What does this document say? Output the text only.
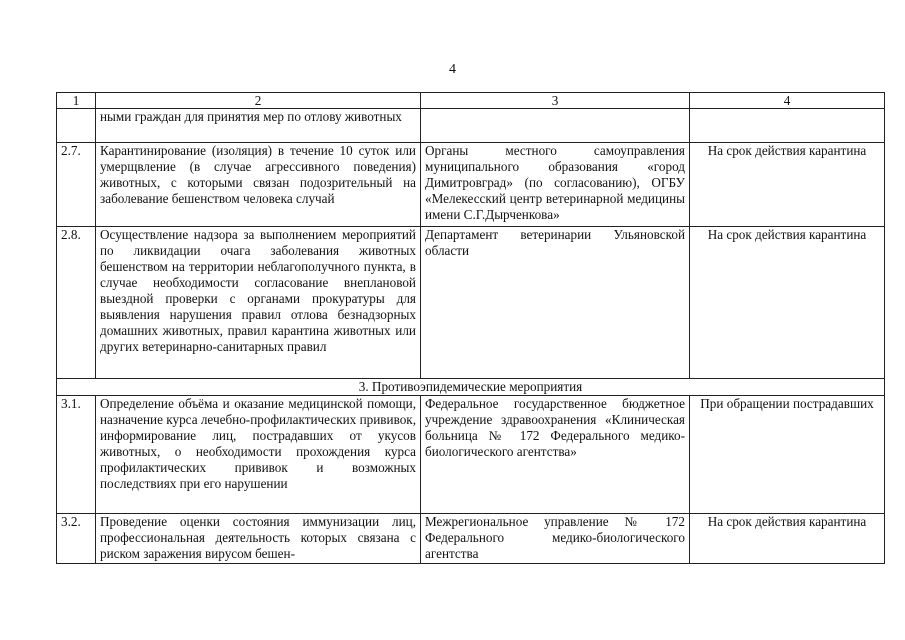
4
1	2	3	4
	ными граждан для принятия мер по отлову животных		
2.7.	Карантинирование (изоляция) в течение 10 суток или умерщвление (в случае агрессивного поведения) животных, с которыми связан подозрительный на заболевание бешенством человека случай	Органы местного самоуправления муниципального образования «город Димитровград» (по согласованию), ОГБУ «Мелекесский центр ветеринарной медицины имени С.Г.Дырченкова»	На срок действия карантина
2.8.	Осуществление надзора за выполнением мероприятий по ликвидации очага заболевания животных бешенством на территории неблагополучного пункта, в случае необходимости согласование внеплановой выездной проверки с органами прокуратуры для выявления нарушения правил отлова безнадзорных домашних животных, правил карантина животных или других ветеринарно-санитарных правил	Департамент ветеринарии Ульяновской области	На срок действия карантина
3. Противоэпидемические мероприятия			
3.1.	Определение объёма и оказание медицинской помощи, назначение курса лечебно-профилактических прививок, информирование лиц, пострадавших от укусов животных, о необходимости прохождения курса профилактических прививок и возможных последствиях при его нарушении	Федеральное государственное бюджетное учреждение здравоохранения «Клиническая больница № 172 Федерального медико-биологического агентства»	При обращении пострадавших
3.2.	Проведение оценки состояния иммунизации лиц, профессиональная деятельность которых связана с риском заражения вирусом бешен-	Межрегиональное управление № 172 Федерального медико-биологического агентства	На срок действия карантина
